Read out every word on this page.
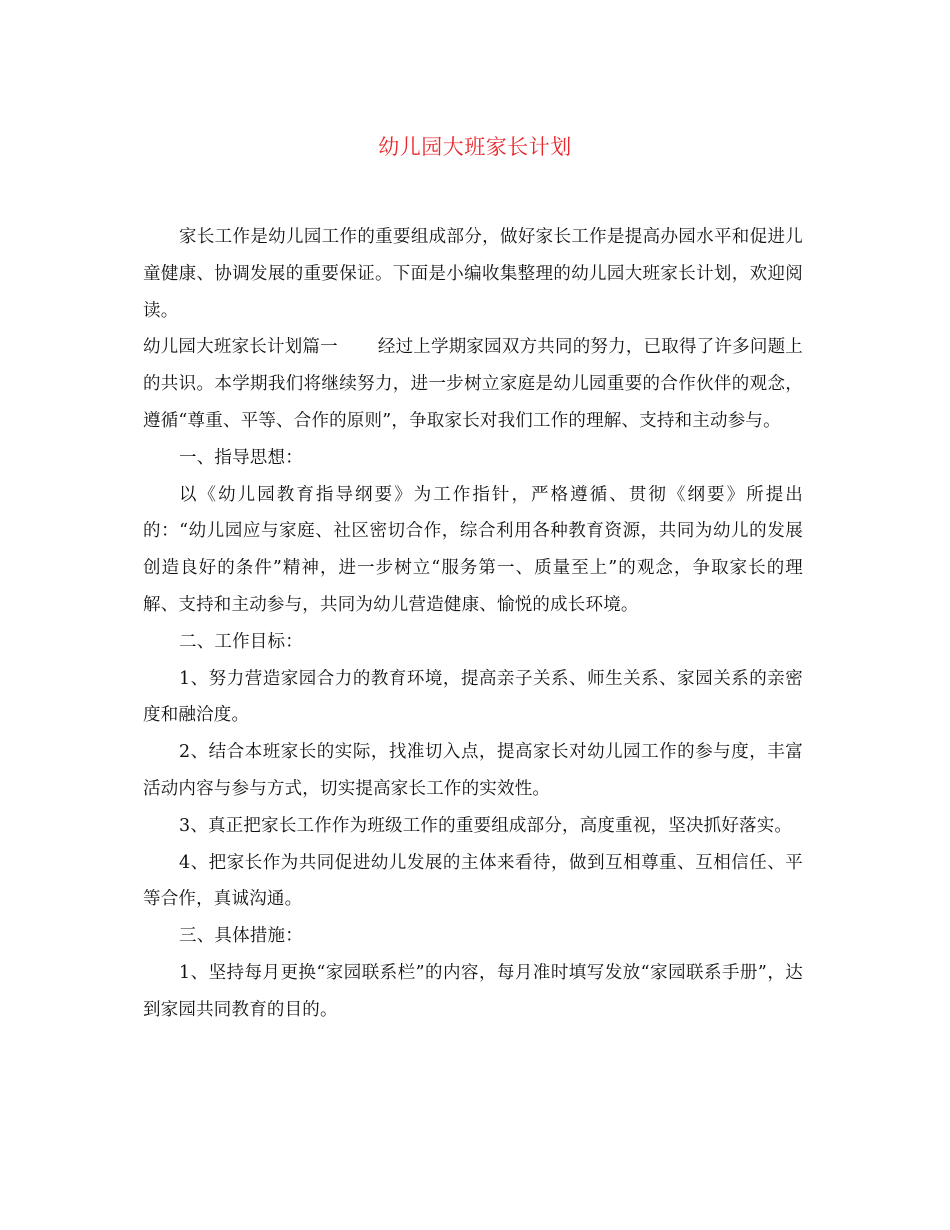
幼儿园大班家长计划

家长工作是幼儿园工作的重要组成部分，做好家长工作是提高办园水平和促进儿童健康、协调发展的重要保证。下面是小编收集整理的幼儿园大班家长计划，欢迎阅读。

幼儿园大班家长计划篇一 经过上学期家园双方共同的努力，已取得了许多问题上的共识。本学期我们将继续努力，进一步树立家庭是幼儿园重要的合作伙伴的观念，遵循“尊重、平等、合作的原则”，争取家长对我们工作的理解、支持和主动参与。

一、指导思想：

以《幼儿园教育指导纲要》为工作指针，严格遵循、贯彻《纲要》所提出的：“幼儿园应与家庭、社区密切合作，综合利用各种教育资源，共同为幼儿的发展创造良好的条件”精神，进一步树立“服务第一、质量至上”的观念，争取家长的理解、支持和主动参与，共同为幼儿营造健康、愉悦的成长环境。

二、工作目标：

1、努力营造家园合力的教育环境，提高亲子关系、师生关系、家园关系的亲密度和融洽度。

2、结合本班家长的实际，找准切入点，提高家长对幼儿园工作的参与度，丰富活动内容与参与方式，切实提高家长工作的实效性。

3、真正把家长工作作为班级工作的重要组成部分，高度重视，坚决抓好落实。

4、把家长作为共同促进幼儿发展的主体来看待，做到互相尊重、互相信任、平等合作，真诚沟通。

三、具体措施：

1、坚持每月更换“家园联系栏”的内容，每月准时填写发放“家园联系手册”，达到家园共同教育的目的。
